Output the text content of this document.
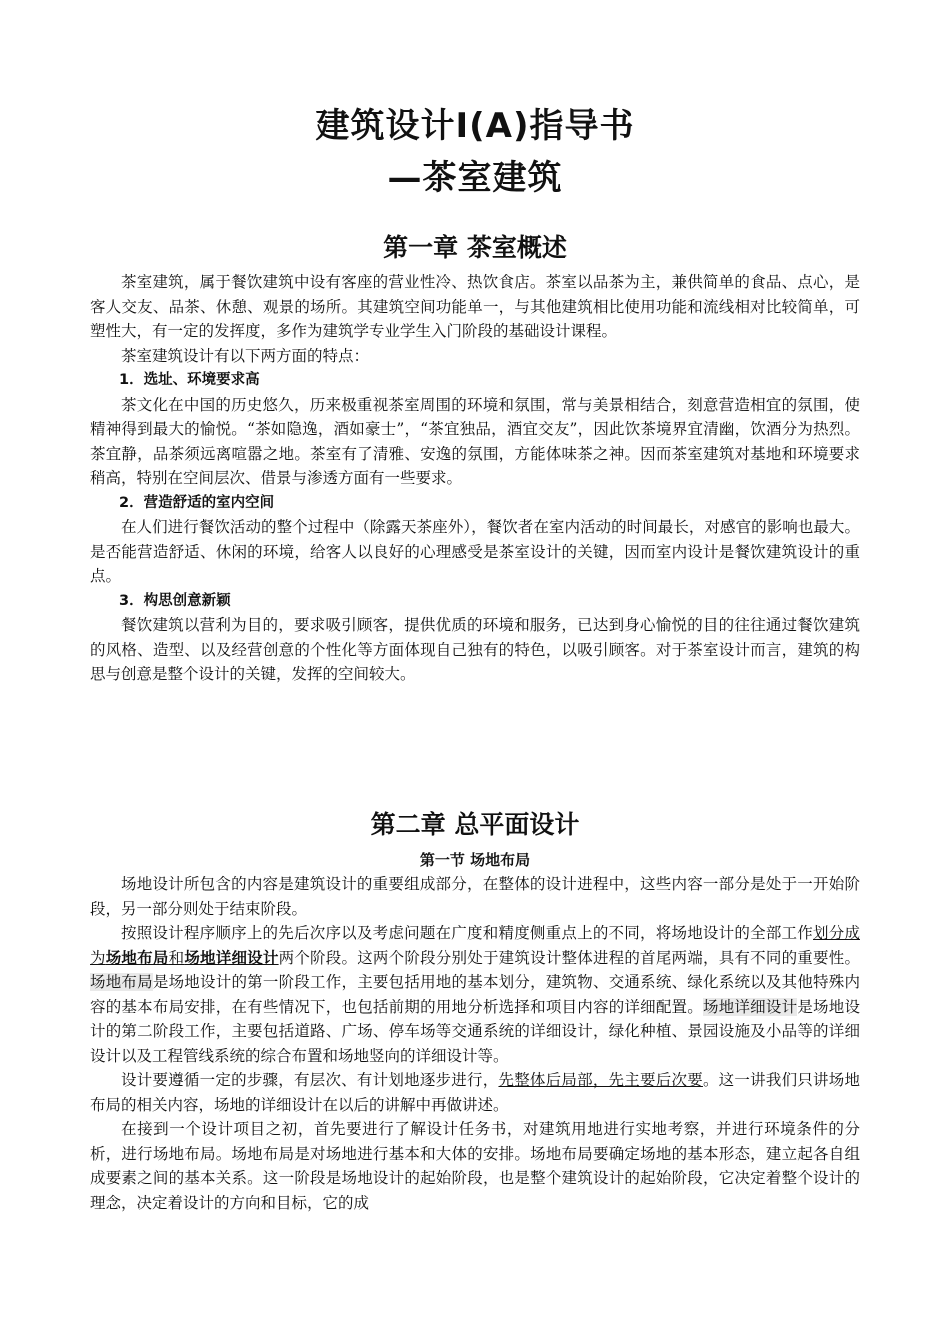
建筑设计Ⅰ(A)指导书
—茶室建筑
第一章 茶室概述

茶室建筑，属于餐饮建筑中设有客座的营业性冷、热饮食店。茶室以品茶为主，兼供简单的食品、点心，是客人交友、品茶、休憩、观景的场所。其建筑空间功能单一，与其他建筑相比使用功能和流线相对比较简单，可塑性大，有一定的发挥度，多作为建筑学专业学生入门阶段的基础设计课程。

茶室建筑设计有以下两方面的特点：

1．选址、环境要求高

茶文化在中国的历史悠久，历来极重视茶室周围的环境和氛围，常与美景相结合，刻意营造相宜的氛围，使精神得到最大的愉悦。“茶如隐逸，酒如豪士”，“茶宜独品，酒宜交友”，因此饮茶境界宜清幽，饮酒分为热烈。茶宜静，品茶须远离喧嚣之地。茶室有了清雅、安逸的氛围，方能体味茶之神。因而茶室建筑对基地和环境要求稍高，特别在空间层次、借景与渗透方面有一些要求。

2．营造舒适的室内空间

在人们进行餐饮活动的整个过程中（除露天茶座外），餐饮者在室内活动的时间最长，对感官的影响也最大。是否能营造舒适、休闲的环境，给客人以良好的心理感受是茶室设计的关键，因而室内设计是餐饮建筑设计的重点。

3．构思创意新颖

餐饮建筑以营利为目的，要求吸引顾客，提供优质的环境和服务，已达到身心愉悦的目的往往通过餐饮建筑的风格、造型、以及经营创意的个性化等方面体现自己独有的特色，以吸引顾客。对于茶室设计而言，建筑的构思与创意是整个设计的关键，发挥的空间较大。

第二章 总平面设计
第一节 场地布局

场地设计所包含的内容是建筑设计的重要组成部分，在整体的设计进程中，这些内容一部分是处于一开始阶段，另一部分则处于结束阶段。

按照设计程序顺序上的先后次序以及考虑问题在广度和精度侧重点上的不同，将场地设计的全部工作划分成为场地布局和场地详细设计两个阶段。这两个阶段分别处于建筑设计整体进程的首尾两端，具有不同的重要性。场地布局是场地设计的第一阶段工作，主要包括用地的基本划分，建筑物、交通系统、绿化系统以及其他特殊内容的基本布局安排，在有些情况下，也包括前期的用地分析选择和项目内容的详细配置。场地详细设计是场地设计的第二阶段工作，主要包括道路、广场、停车场等交通系统的详细设计，绿化种植、景园设施及小品等的详细设计以及工程管线系统的综合布置和场地竖向的详细设计等。

设计要遵循一定的步骤，有层次、有计划地逐步进行，先整体后局部，先主要后次要。这一讲我们只讲场地布局的相关内容，场地的详细设计在以后的讲解中再做讲述。

在接到一个设计项目之初，首先要进行了解设计任务书，对建筑用地进行实地考察，并进行环境条件的分析，进行场地布局。场地布局是对场地进行基本和大体的安排。场地布局要确定场地的基本形态，建立起各自组成要素之间的基本关系。这一阶段是场地设计的起始阶段，也是整个建筑设计的起始阶段，它决定着整个设计的理念，决定着设计的方向和目标，它的成
